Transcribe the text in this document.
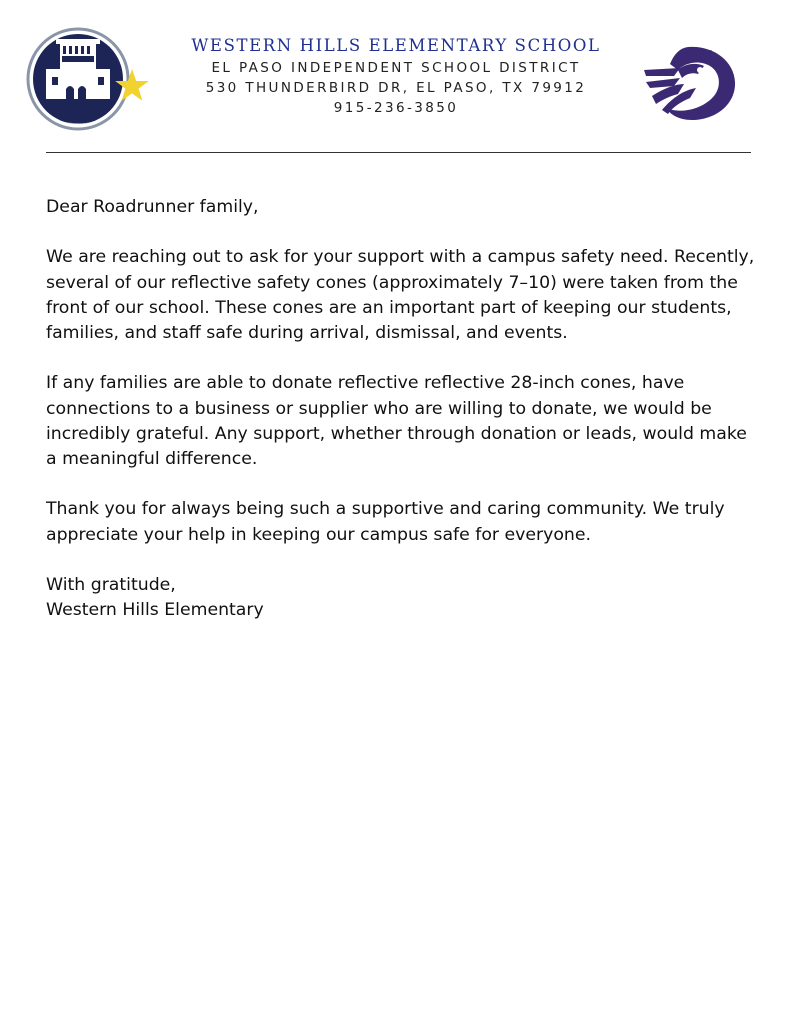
WESTERN HILLS ELEMENTARY SCHOOL
EL PASO INDEPENDENT SCHOOL DISTRICT
530 THUNDERBIRD DR, EL PASO, TX 79912
915-236-3850

Dear Roadrunner family,

We are reaching out to ask for your support with a campus safety need. Recently, several of our reflective safety cones (approximately 7–10) were taken from the front of our school. These cones are an important part of keeping our students, families, and staff safe during arrival, dismissal, and events.

If any families are able to donate reflective reflective 28-inch cones, have connections to a business or supplier who are willing to donate, we would be incredibly grateful. Any support, whether through donation or leads, would make a meaningful difference.

Thank you for always being such a supportive and caring community. We truly appreciate your help in keeping our campus safe for everyone.

With gratitude,

Western Hills Elementary
